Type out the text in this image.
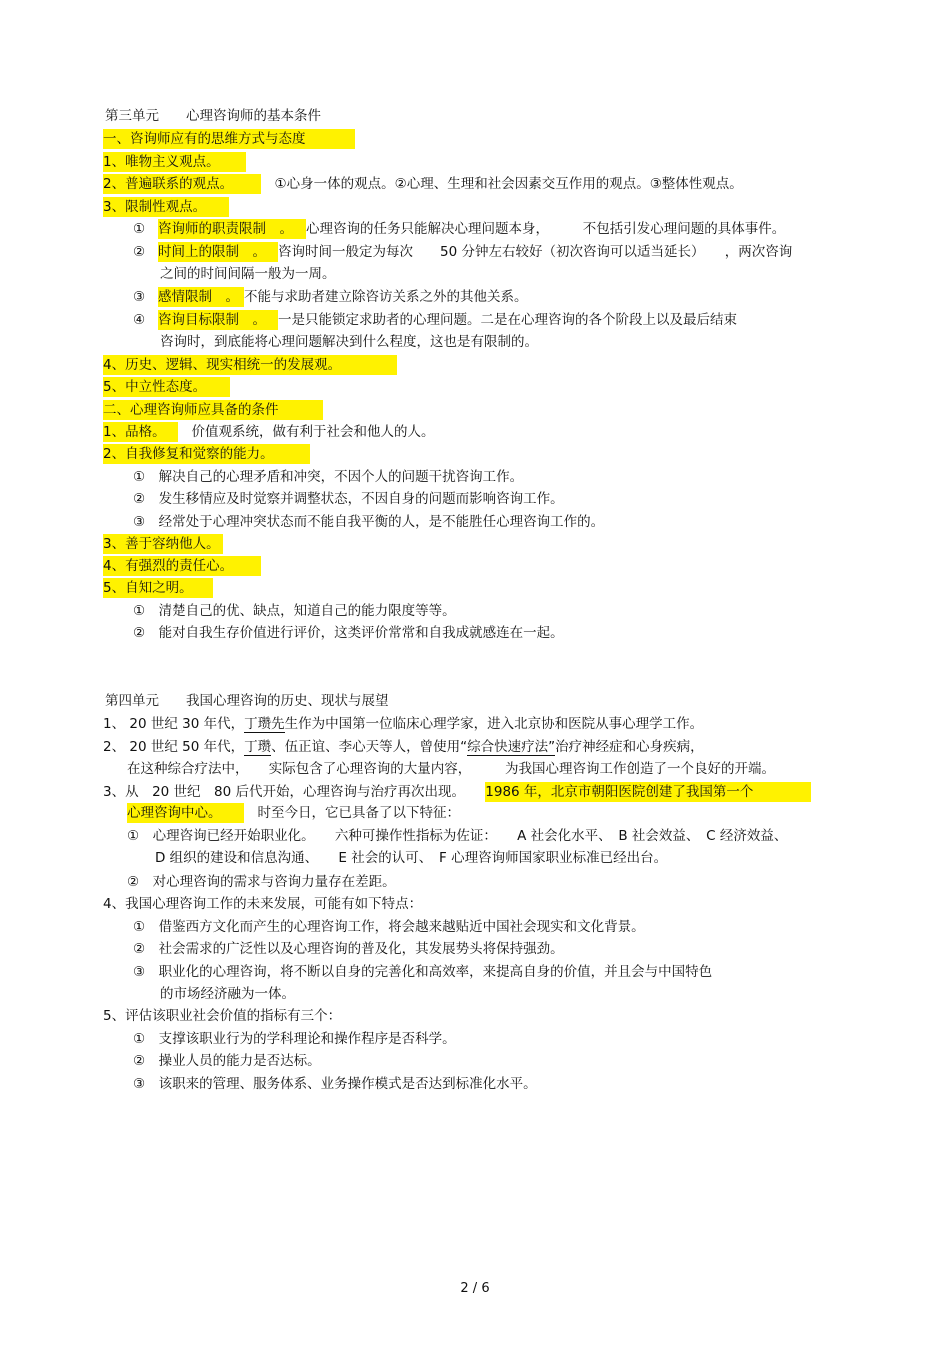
第三单元　　心理咨询师的基本条件
一、咨询师应有的思维方式与态度
1、唯物主义观点。
2、普遍联系的观点。　①心身一体的观点。②心理、生理和社会因素交互作用的观点。③整体性观点。
3、限制性观点。
① 咨询师的职责限制　。 心理咨询的任务只能解决心理问题本身，　　　不包括引发心理问题的具体事件。
② 时间上的限制　。 咨询时间一般定为每次　　50 分钟左右较好（初次咨询可以适当延长）　　，两次咨询
之间的时间间隔一般为一周。
③ 感情限制　。 不能与求助者建立除咨访关系之外的其他关系。
④ 咨询目标限制　。 一是只能锁定求助者的心理问题。二是在心理咨询的各个阶段上以及最后结束
咨询时，到底能将心理问题解决到什么程度，这也是有限制的。
4、历史、逻辑、现实相统一的发展观。
5、中立性态度。
二、心理咨询师应具备的条件
1、品格。　价值观系统，做有利于社会和他人的人。
2、自我修复和觉察的能力。
①　解决自己的心理矛盾和冲突，不因个人的问题干扰咨询工作。
②　发生移情应及时觉察并调整状态，不因自身的问题而影响咨询工作。
③　经常处于心理冲突状态而不能自我平衡的人，是不能胜任心理咨询工作的。
3、善于容纳他人。
4、有强烈的责任心。
5、自知之明。
①　清楚自己的优、缺点，知道自己的能力限度等等。
②　能对自我生存价值进行评价，这类评价常常和自我成就感连在一起。
第四单元　　我国心理咨询的历史、现状与展望
1、 20 世纪 30 年代，丁瓒先生作为中国第一位临床心理学家，进入北京协和医院从事心理学工作。
2、 20 世纪 50 年代，丁瓒、伍正谊、李心天等人，曾使用“综合快速疗法”治疗神经症和心身疾病，
在这种综合疗法中，　　实际包含了心理咨询的大量内容，　　　为我国心理咨询工作创造了一个良好的开端。
3、从　20 世纪　80 后代开始，心理咨询与治疗再次出现。　　1986 年，北京市朝阳医院创建了我国第一个
心理咨询中心。　时至今日，它已具备了以下特征：
①　心理咨询已经开始职业化。　　六种可操作性指标为佐证：　　A 社会化水平、　B 社会效益、　C 经济效益、
D 组织的建设和信息沟通、　　E 社会的认可、　F 心理咨询师国家职业标准已经出台。
②　对心理咨询的需求与咨询力量存在差距。
4、我国心理咨询工作的未来发展，可能有如下特点：
①　借鉴西方文化而产生的心理咨询工作，将会越来越贴近中国社会现实和文化背景。
②　社会需求的广泛性以及心理咨询的普及化，其发展势头将保持强劲。
③　职业化的心理咨询，将不断以自身的完善化和高效率，来提高自身的价值，并且会与中国特色
的市场经济融为一体。
5、评估该职业社会价值的指标有三个：
①　支撑该职业行为的学科理论和操作程序是否科学。
②　操业人员的能力是否达标。
③　该职来的管理、服务体系、业务操作模式是否达到标准化水平。
2 / 6
